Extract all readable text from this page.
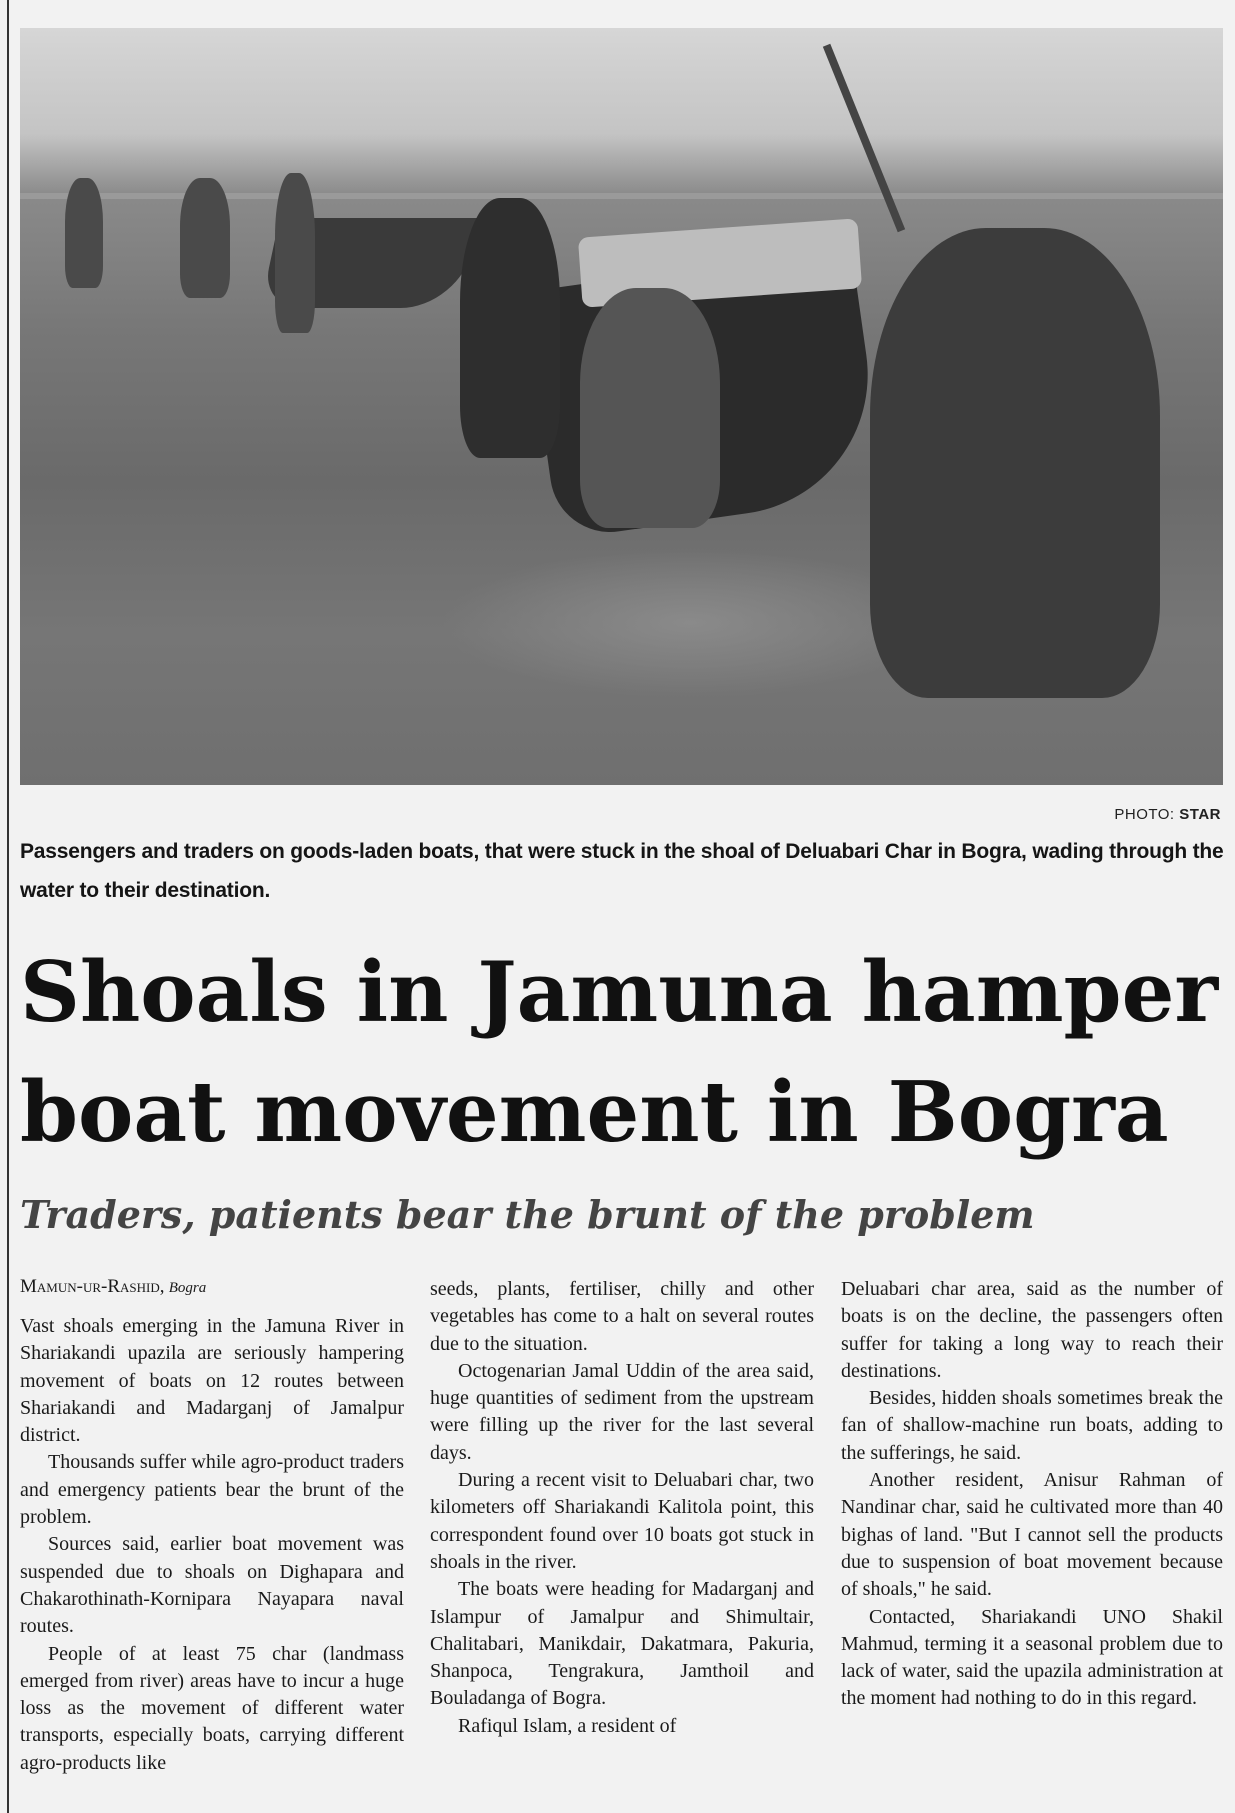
PHOTO: STAR
Passengers and traders on goods-laden boats, that were stuck in the shoal of Deluabari Char in Bogra, wading through the water to their destination.
Shoals in Jamuna hamper
boat movement in Bogra
Traders, patients bear the brunt of the problem
Mamun-ur-Rashid, Bogra

Vast shoals emerging in the Jamuna River in Shariakandi upazila are seriously hampering movement of boats on 12 routes between Shariakandi and Madarganj of Jamalpur district.

Thousands suffer while agro-product traders and emergency patients bear the brunt of the problem.

Sources said, earlier boat movement was suspended due to shoals on Dighapara and Chakarothinath-Kornipara Nayapara naval routes.

People of at least 75 char (landmass emerged from river) areas have to incur a huge loss as the movement of different water transports, especially boats, carrying different agro-products like

seeds, plants, fertiliser, chilly and other vegetables has come to a halt on several routes due to the situation.

Octogenarian Jamal Uddin of the area said, huge quantities of sediment from the upstream were filling up the river for the last several days.

During a recent visit to Deluabari char, two kilometers off Shariakandi Kalitola point, this correspondent found over 10 boats got stuck in shoals in the river.

The boats were heading for Madarganj and Islampur of Jamalpur and Shimultair, Chalitabari, Manikdair, Dakatmara, Pakuria, Shanpoca, Tengrakura, Jamthoil and Bouladanga of Bogra.

Rafiqul Islam, a resident of

Deluabari char area, said as the number of boats is on the decline, the passengers often suffer for taking a long way to reach their destinations.

Besides, hidden shoals sometimes break the fan of shallow-machine run boats, adding to the sufferings, he said.

Another resident, Anisur Rahman of Nandinar char, said he cultivated more than 40 bighas of land. "But I cannot sell the products due to suspension of boat movement because of shoals," he said.

Contacted, Shariakandi UNO Shakil Mahmud, terming it a seasonal problem due to lack of water, said the upazila administration at the moment had nothing to do in this regard.
